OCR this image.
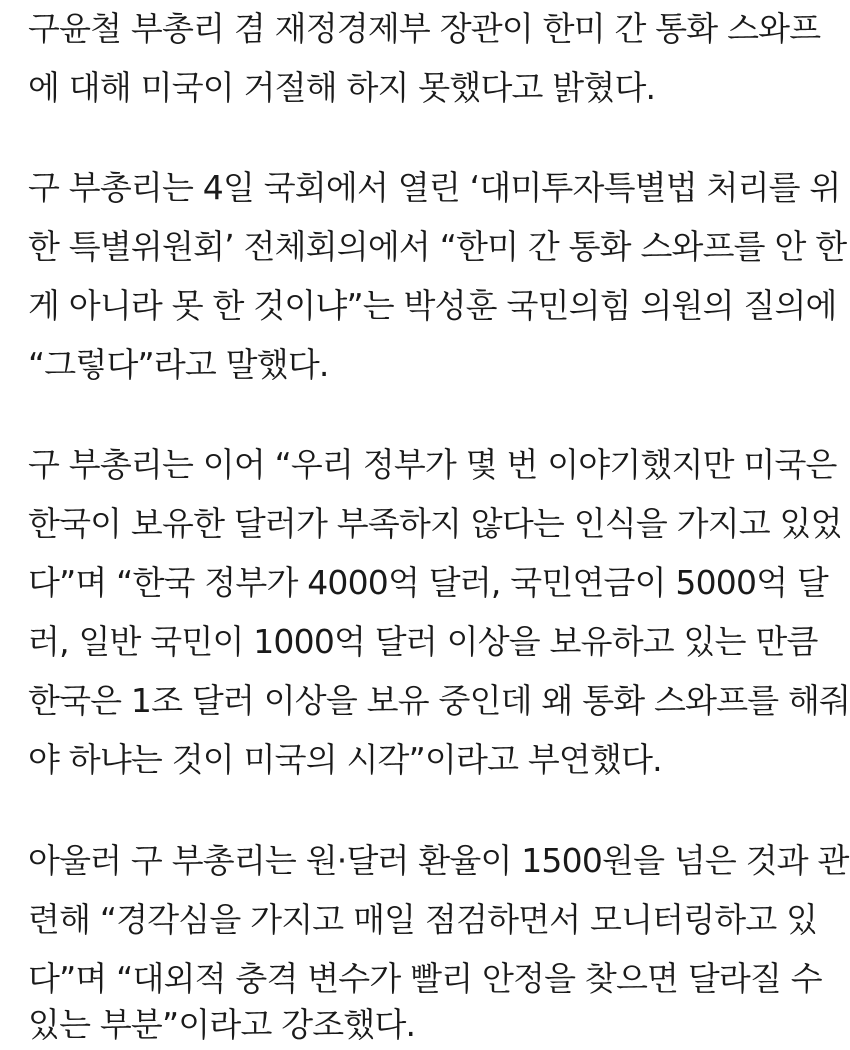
구윤철 부총리 겸 재정경제부 장관이 한미 간 통화 스와프
에 대해 미국이 거절해 하지 못했다고 밝혔다.
구 부총리는 4일 국회에서 열린 ‘대미투자특별법 처리를 위
한 특별위원회’ 전체회의에서 “한미 간 통화 스와프를 안 한
게 아니라 못 한 것이냐”는 박성훈 국민의힘 의원의 질의에
“그렇다”라고 말했다.
구 부총리는 이어 “우리 정부가 몇 번 이야기했지만 미국은
한국이 보유한 달러가 부족하지 않다는 인식을 가지고 있었
다”며 “한국 정부가 4000억 달러, 국민연금이 5000억 달
러, 일반 국민이 1000억 달러 이상을 보유하고 있는 만큼
한국은 1조 달러 이상을 보유 중인데 왜 통화 스와프를 해줘
야 하냐는 것이 미국의 시각”이라고 부연했다.
아울러 구 부총리는 원·달러 환율이 1500원을 넘은 것과 관
련해 “경각심을 가지고 매일 점검하면서 모니터링하고 있
다”며 “대외적 충격 변수가 빨리 안정을 찾으면 달라질 수
있는 부분”이라고 강조했다.
